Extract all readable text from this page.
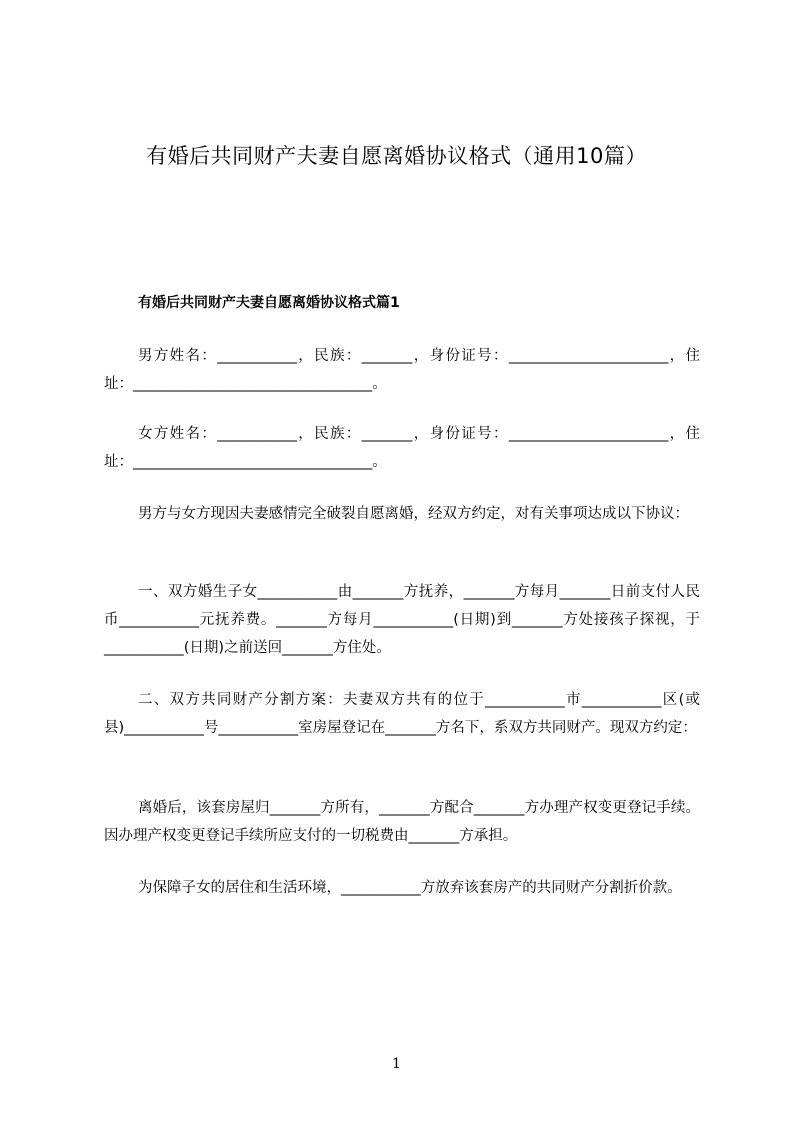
有婚后共同财产夫妻自愿离婚协议格式（通用10篇）
有婚后共同财产夫妻自愿离婚协议格式篇1

男方姓名：___________，民族：_______，身份证号：______________________，住址：_________________________________。

女方姓名：___________，民族：_______，身份证号：______________________，住址：_________________________________。

男方与女方现因夫妻感情完全破裂自愿离婚，经双方约定，对有关事项达成以下协议：

一、双方婚生子女___________由_______方抚养，_______方每月_______日前支付人民币___________元抚养费。_______方每月___________(日期)到_______方处接孩子探视，于___________(日期)之前送回_______方住处。

二、双方共同财产分割方案：夫妻双方共有的位于___________市___________区(或县)___________号___________室房屋登记在_______方名下，系双方共同财产。现双方约定：

离婚后，该套房屋归_______方所有，_______方配合_______方办理产权变更登记手续。因办理产权变更登记手续所应支付的一切税费由_______方承担。

为保障子女的居住和生活环境，___________方放弃该套房产的共同财产分割折价款。

1
